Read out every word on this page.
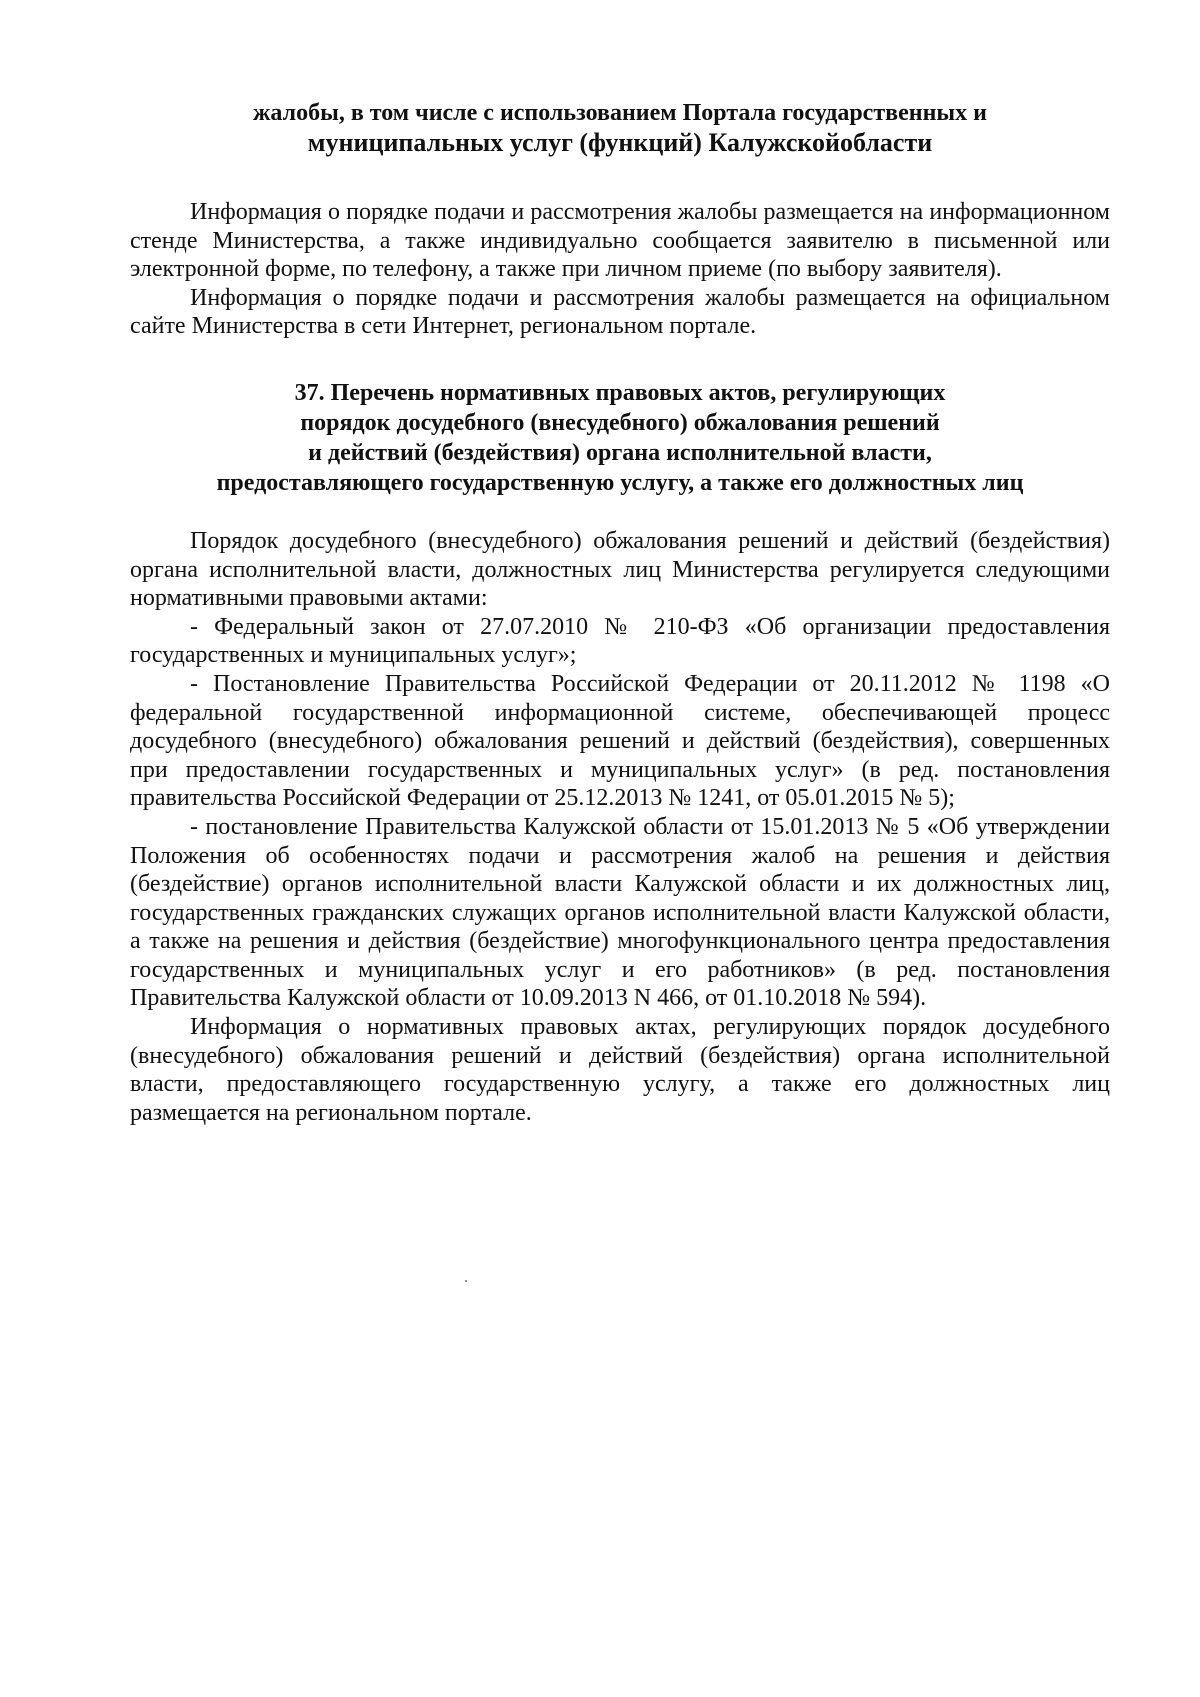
жалобы, в том числе с использованием Портала государственных и
муниципальных услуг (функций) Калужскойобласти

Информация о порядке подачи и рассмотрения жалобы размещается на информационном стенде Министерства, а также индивидуально сообщается заявителю в письменной или электронной форме, по телефону, а также при личном приеме (по выбору заявителя).

Информация о порядке подачи и рассмотрения жалобы размещается на официальном сайте Министерства в сети Интернет, региональном портале.

37. Перечень нормативных правовых актов, регулирующих
порядок досудебного (внесудебного) обжалования решений
и действий (бездействия) органа исполнительной власти,
предоставляющего государственную услугу, а также его должностных лиц

Порядок досудебного (внесудебного) обжалования решений и действий (бездействия) органа исполнительной власти, должностных лиц Министерства регулируется следующими нормативными правовыми актами:

- Федеральный закон от 27.07.2010 № 210-ФЗ «Об организации предоставления государственных и муниципальных услуг»;

- Постановление Правительства Российской Федерации от 20.11.2012 № 1198 «О федеральной государственной информационной системе, обеспечивающей процесс досудебного (внесудебного) обжалования решений и действий (бездействия), совершенных при предоставлении государственных и муниципальных услуг» (в ред. постановления правительства Российской Федерации от 25.12.2013 № 1241, от 05.01.2015 № 5);

- постановление Правительства Калужской области от 15.01.2013 № 5 «Об утверждении Положения об особенностях подачи и рассмотрения жалоб на решения и действия (бездействие) органов исполнительной власти Калужской области и их должностных лиц, государственных гражданских служащих органов исполнительной власти Калужской области, а также на решения и действия (бездействие) многофункционального центра предоставления государственных и муниципальных услуг и его работников» (в ред. постановления Правительства Калужской области от 10.09.2013 N 466, от 01.10.2018 № 594).

Информация о нормативных правовых актах, регулирующих порядок досудебного (внесудебного) обжалования решений и действий (бездействия) органа исполнительной власти, предоставляющего государственную услугу, а также его должностных лиц размещается на региональном портале.
